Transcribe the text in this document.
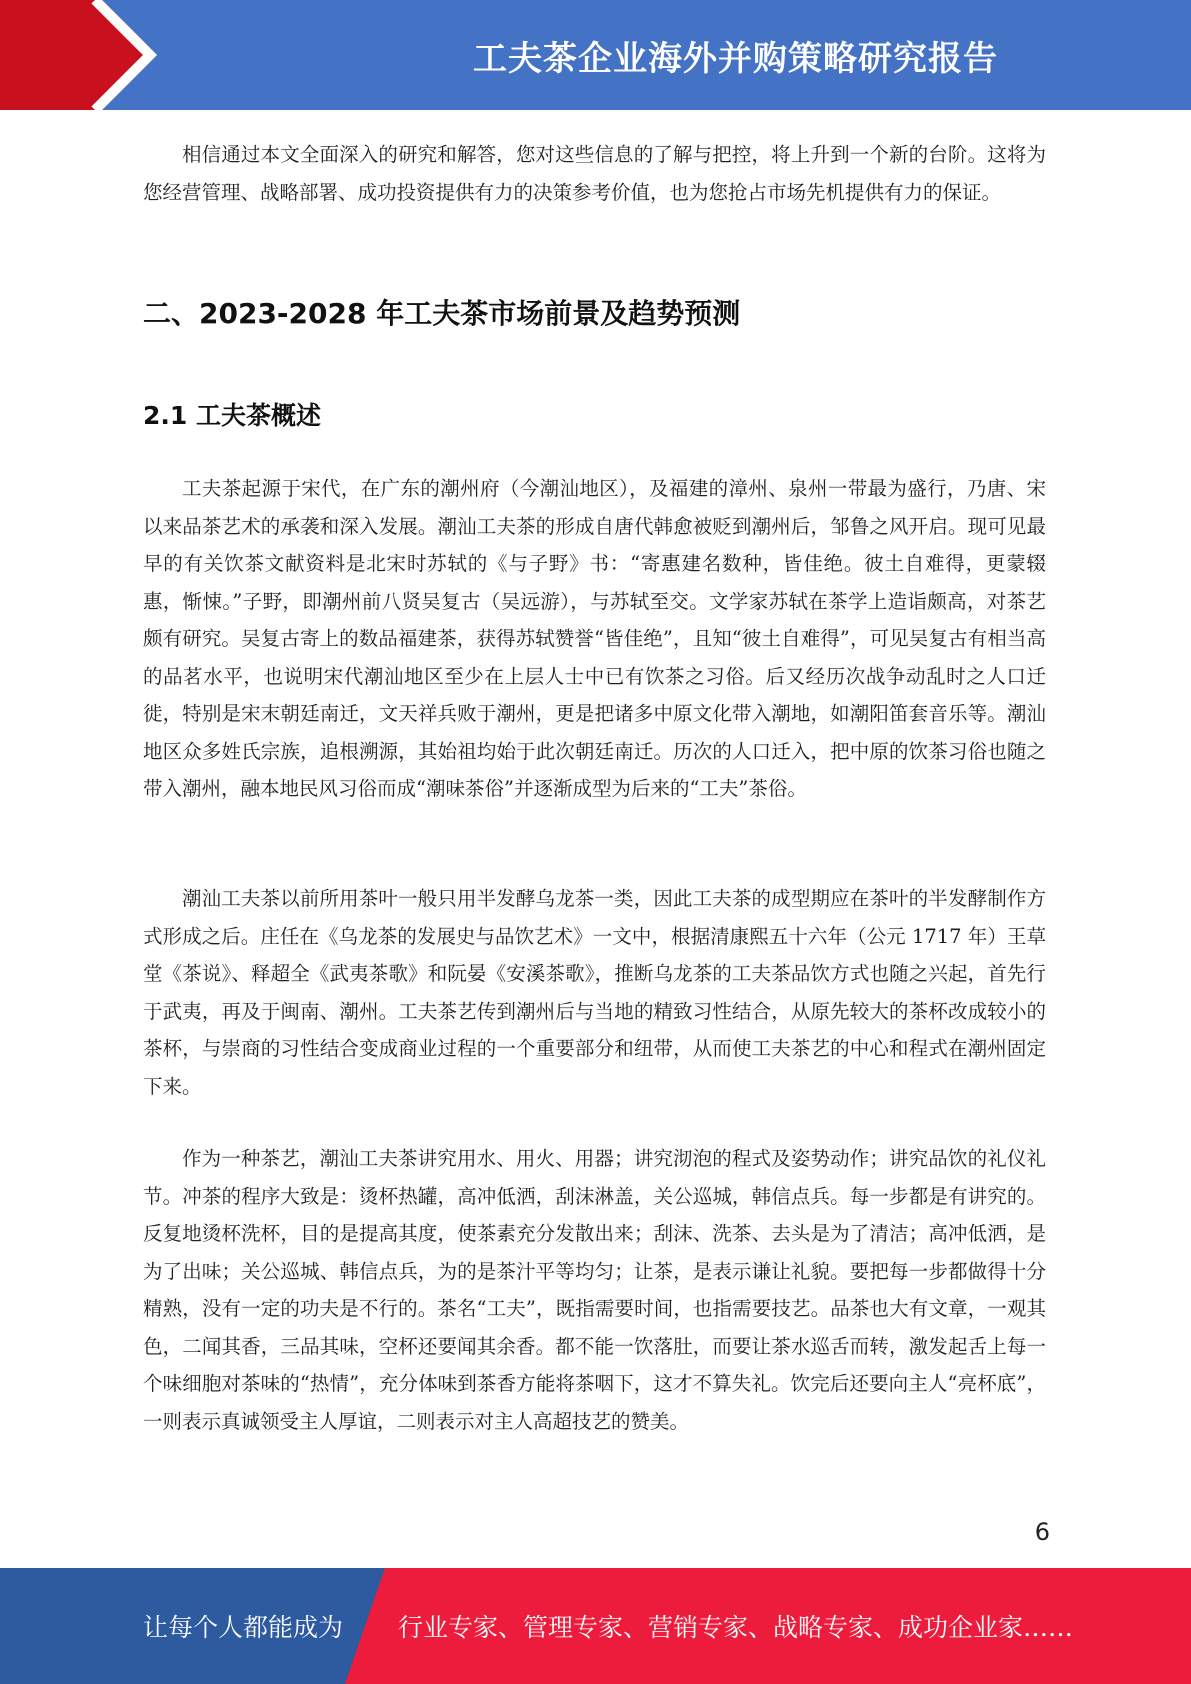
工夫茶企业海外并购策略研究报告

相信通过本文全面深入的研究和解答，您对这些信息的了解与把控，将上升到一个新的台阶。这将为您经营管理、战略部署、成功投资提供有力的决策参考价值，也为您抢占市场先机提供有力的保证。

二、2023-2028 年工夫茶市场前景及趋势预测
2.1 工夫茶概述

工夫茶起源于宋代，在广东的潮州府（今潮汕地区），及福建的漳州、泉州一带最为盛行，乃唐、宋以来品茶艺术的承袭和深入发展。潮汕工夫茶的形成自唐代韩愈被贬到潮州后，邹鲁之风开启。现可见最早的有关饮茶文献资料是北宋时苏轼的《与子野》书：“寄惠建名数种，皆佳绝。彼土自难得，更蒙辍惠，惭悚。”子野，即潮州前八贤吴复古（吴远游），与苏轼至交。文学家苏轼在茶学上造诣颇高，对茶艺颇有研究。吴复古寄上的数品福建茶，获得苏轼赞誉“皆佳绝”，且知“彼土自难得”，可见吴复古有相当高的品茗水平，也说明宋代潮汕地区至少在上层人士中已有饮茶之习俗。后又经历次战争动乱时之人口迁徙，特别是宋末朝廷南迁，文天祥兵败于潮州，更是把诸多中原文化带入潮地，如潮阳笛套音乐等。潮汕地区众多姓氏宗族，追根溯源，其始祖均始于此次朝廷南迁。历次的人口迁入，把中原的饮茶习俗也随之带入潮州，融本地民风习俗而成“潮味茶俗”并逐渐成型为后来的“工夫”茶俗。

潮汕工夫茶以前所用茶叶一般只用半发酵乌龙茶一类，因此工夫茶的成型期应在茶叶的半发酵制作方式形成之后。庄任在《乌龙茶的发展史与品饮艺术》一文中，根据清康熙五十六年（公元 1717 年）王草堂《茶说》、释超全《武夷茶歌》和阮晏《安溪茶歌》，推断乌龙茶的工夫茶品饮方式也随之兴起，首先行于武夷，再及于闽南、潮州。工夫茶艺传到潮州后与当地的精致习性结合，从原先较大的茶杯改成较小的茶杯，与崇商的习性结合变成商业过程的一个重要部分和纽带，从而使工夫茶艺的中心和程式在潮州固定下来。

作为一种茶艺，潮汕工夫茶讲究用水、用火、用器；讲究沏泡的程式及姿势动作；讲究品饮的礼仪礼节。冲茶的程序大致是：烫杯热罐，高冲低洒，刮沫淋盖，关公巡城，韩信点兵。每一步都是有讲究的。反复地烫杯洗杯，目的是提高其度，使茶素充分发散出来；刮沫、洗茶、去头是为了清洁；高冲低洒，是为了出味；关公巡城、韩信点兵，为的是茶汁平等均匀；让茶，是表示谦让礼貌。要把每一步都做得十分精熟，没有一定的功夫是不行的。茶名“工夫”，既指需要时间，也指需要技艺。品茶也大有文章，一观其色，二闻其香，三品其味，空杯还要闻其余香。都不能一饮落肚，而要让茶水巡舌而转，激发起舌上每一个味细胞对茶味的“热情”，充分体味到茶香方能将茶咽下，这才不算失礼。饮完后还要向主人“亮杯底”，一则表示真诚领受主人厚谊，二则表示对主人高超技艺的赞美。

6
让每个人都能成为 行业专家、管理专家、营销专家、战略专家、成功企业家……
